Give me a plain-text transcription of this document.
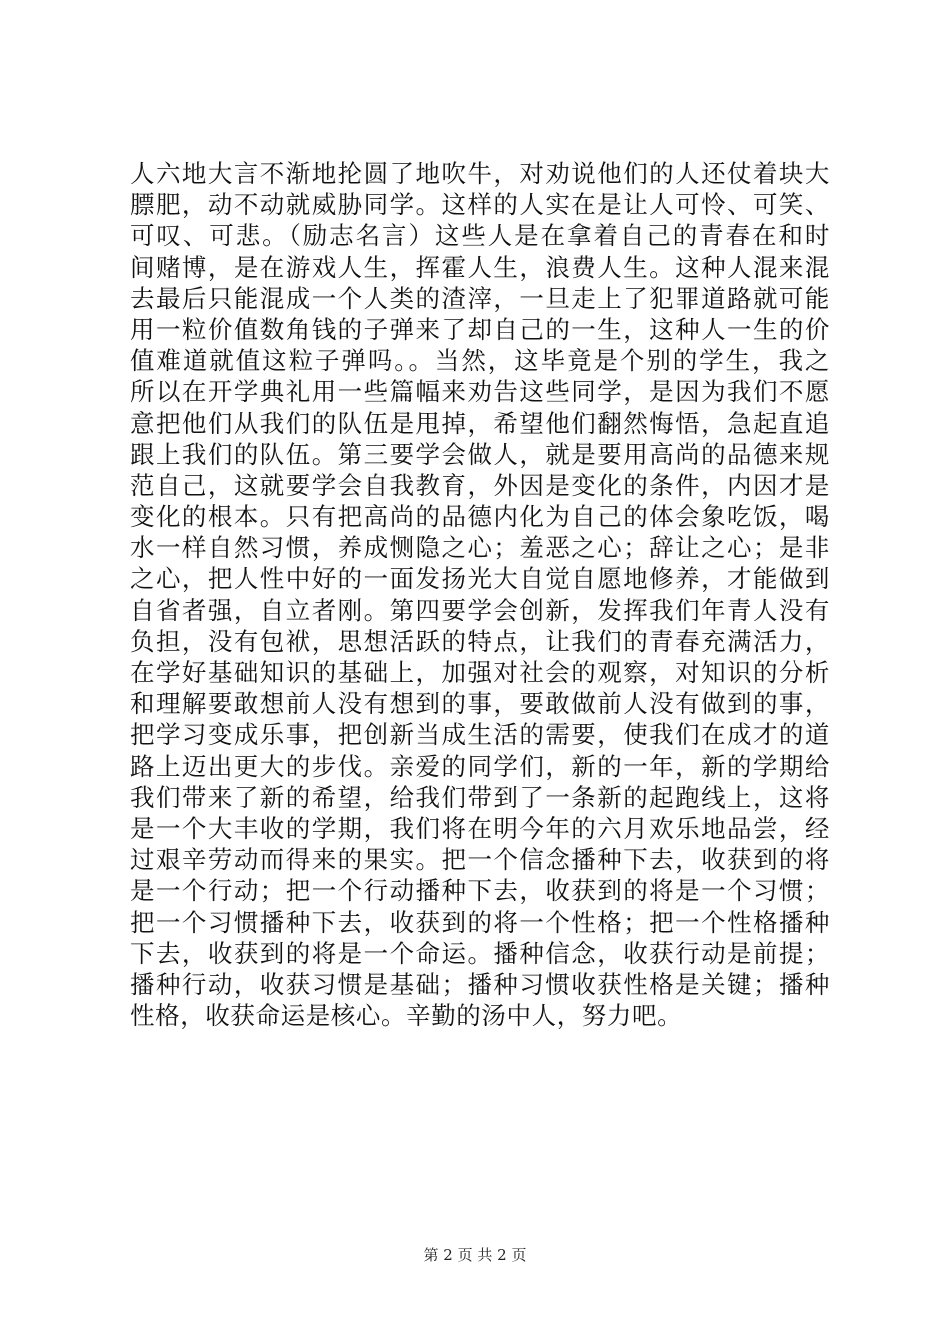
人六地大言不渐地抡圆了地吹牛，对劝说他们的人还仗着块大
膘肥，动不动就威胁同学。这样的人实在是让人可怜、可笑、
可叹、可悲。（励志名言）这些人是在拿着自己的青春在和时
间赌博，是在游戏人生，挥霍人生，浪费人生。这种人混来混
去最后只能混成一个人类的渣滓，一旦走上了犯罪道路就可能
用一粒价值数角钱的子弹来了却自己的一生，这种人一生的价
值难道就值这粒子弹吗。。当然，这毕竟是个别的学生，我之
所以在开学典礼用一些篇幅来劝告这些同学，是因为我们不愿
意把他们从我们的队伍是甩掉，希望他们翻然悔悟，急起直追
跟上我们的队伍。第三要学会做人，就是要用高尚的品德来规
范自己，这就要学会自我教育，外因是变化的条件，内因才是
变化的根本。只有把高尚的品德内化为自己的体会象吃饭，喝
水一样自然习惯，养成恻隐之心；羞恶之心；辞让之心；是非
之心，把人性中好的一面发扬光大自觉自愿地修养，才能做到
自省者强，自立者刚。第四要学会创新，发挥我们年青人没有
负担，没有包袱，思想活跃的特点，让我们的青春充满活力，
在学好基础知识的基础上，加强对社会的观察，对知识的分析
和理解要敢想前人没有想到的事，要敢做前人没有做到的事，
把学习变成乐事，把创新当成生活的需要，使我们在成才的道
路上迈出更大的步伐。亲爱的同学们，新的一年，新的学期给
我们带来了新的希望，给我们带到了一条新的起跑线上，这将
是一个大丰收的学期，我们将在明今年的六月欢乐地品尝，经
过艰辛劳动而得来的果实。把一个信念播种下去，收获到的将
是一个行动；把一个行动播种下去，收获到的将是一个习惯；
把一个习惯播种下去，收获到的将一个性格；把一个性格播种
下去，收获到的将是一个命运。播种信念，收获行动是前提；
播种行动，收获习惯是基础；播种习惯收获性格是关键；播种
性格，收获命运是核心。辛勤的汤中人，努力吧。
第 2 页 共 2 页
